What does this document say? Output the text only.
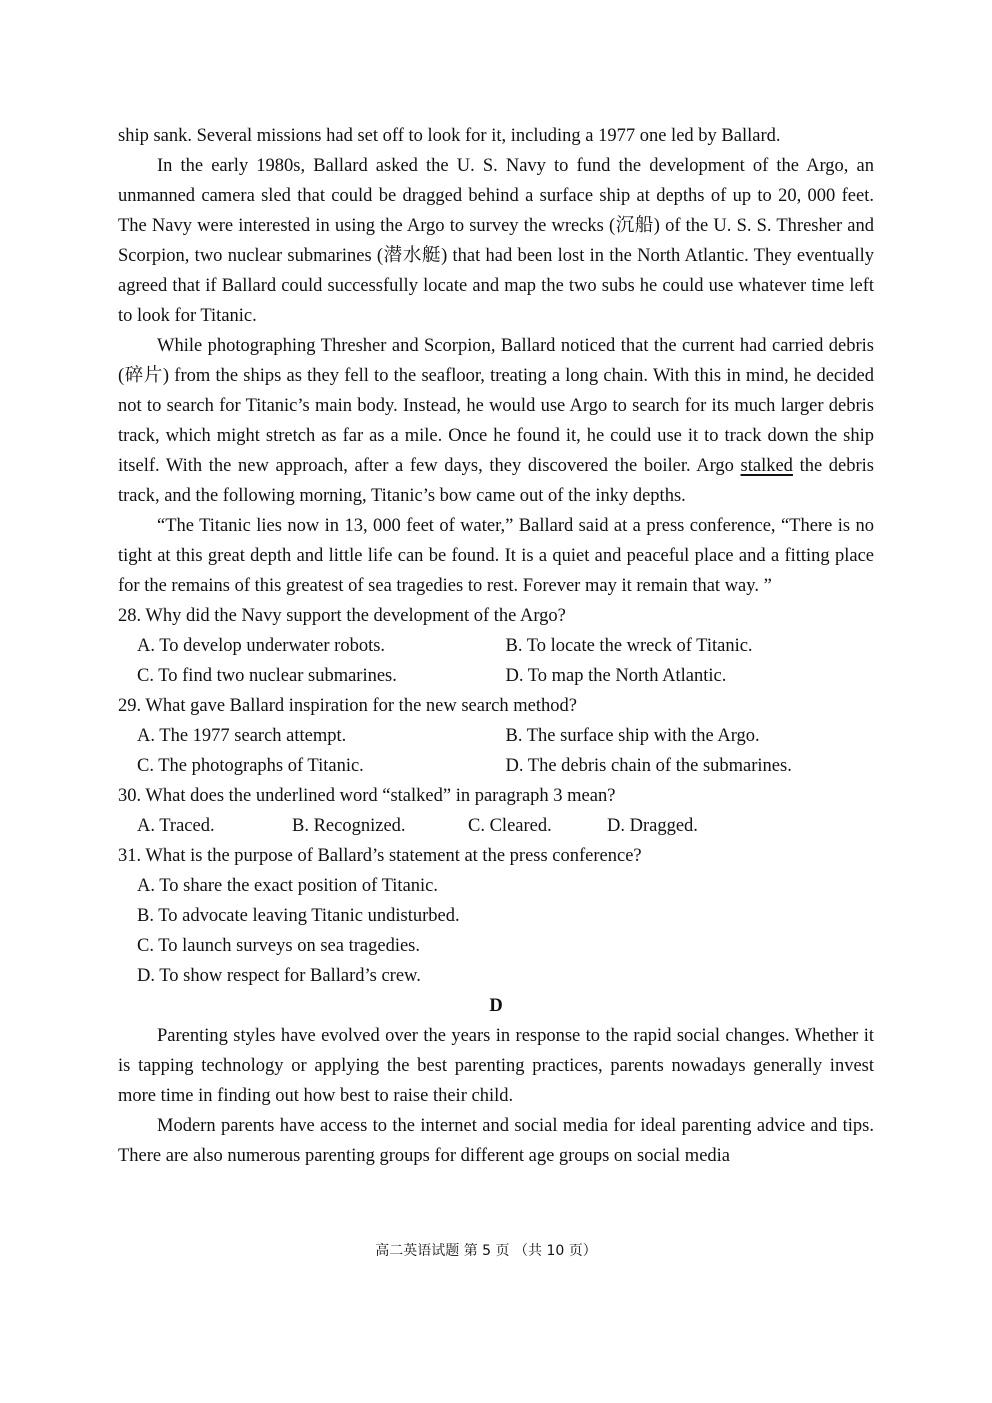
ship sank. Several missions had set off to look for it, including a 1977 one led by Ballard.

In the early 1980s, Ballard asked the U. S. Navy to fund the development of the Argo, an unmanned camera sled that could be dragged behind a surface ship at depths of up to 20, 000 feet. The Navy were interested in using the Argo to survey the wrecks (沉船) of the U. S. S. Thresher and Scorpion, two nuclear submarines (潜水艇) that had been lost in the North Atlantic. They eventually agreed that if Ballard could successfully locate and map the two subs he could use whatever time left to look for Titanic.

While photographing Thresher and Scorpion, Ballard noticed that the current had carried debris (碎片) from the ships as they fell to the seafloor, treating a long chain. With this in mind, he decided not to search for Titanic’s main body. Instead, he would use Argo to search for its much larger debris track, which might stretch as far as a mile. Once he found it, he could use it to track down the ship itself. With the new approach, after a few days, they discovered the boiler. Argo stalked the debris track, and the following morning, Titanic’s bow came out of the inky depths.

“The Titanic lies now in 13, 000 feet of water,” Ballard said at a press conference, “There is no tight at this great depth and little life can be found. It is a quiet and peaceful place and a fitting place for the remains of this greatest of sea tragedies to rest. Forever may it remain that way. ”

28. Why did the Navy support the development of the Argo?
A. To develop underwater robots.	B. To locate the wreck of Titanic.
C. To find two nuclear submarines.	D. To map the North Atlantic.
29. What gave Ballard inspiration for the new search method?
A. The 1977 search attempt.	B. The surface ship with the Argo.
C. The photographs of Titanic.	D. The debris chain of the submarines.
30. What does the underlined word “stalked” in paragraph 3 mean?
A. Traced.	B. Recognized.	C. Cleared.	D. Dragged.
31. What is the purpose of Ballard’s statement at the press conference?
A. To share the exact position of Titanic.
B. To advocate leaving Titanic undisturbed.
C. To launch surveys on sea tragedies.
D. To show respect for Ballard’s crew.
D

Parenting styles have evolved over the years in response to the rapid social changes. Whether it is tapping technology or applying the best parenting practices, parents nowadays generally invest more time in finding out how best to raise their child.

Modern parents have access to the internet and social media for ideal parenting advice and tips. There are also numerous parenting groups for different age groups on social media

高二英语试题 第 5 页 （共 10 页）
